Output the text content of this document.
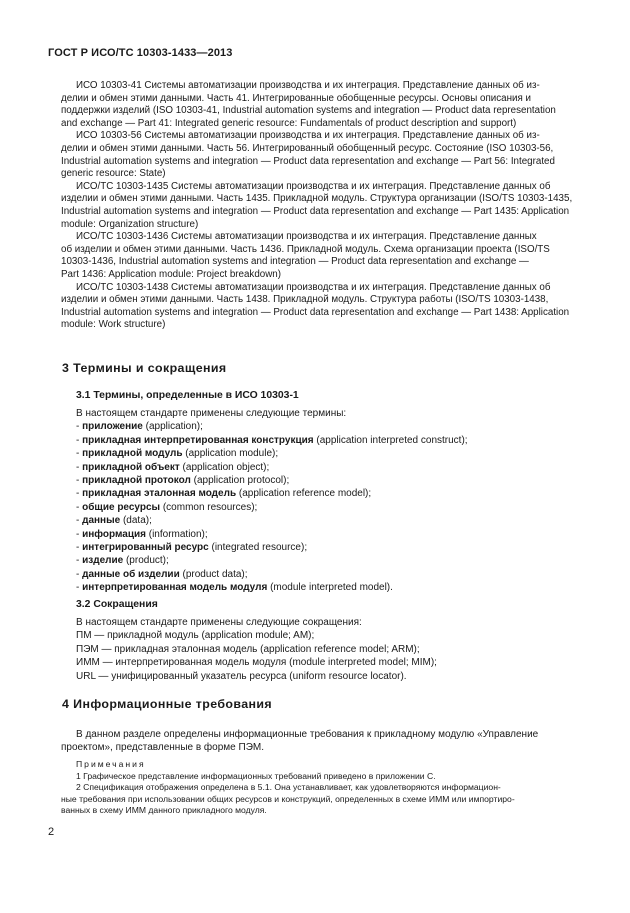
ГОСТ Р ИСО/ТС 10303-1433—2013
ИСО 10303-41 Системы автоматизации производства и их интеграция. Представление данных об из-
делии и обмен этими данными. Часть 41. Интегрированные обобщенные ресурсы. Основы описания и
поддержки изделий (ISO 10303-41, Industrial automation systems and integration — Product data representation
and exchange — Part 41: Integrated generic resource: Fundamentals of product description and support)
ИСО 10303-56 Системы автоматизации производства и их интеграция. Представление данных об из-
делии и обмен этими данными. Часть 56. Интегрированный обобщенный ресурс. Состояние (ISO 10303-56,
Industrial automation systems and integration — Product data representation and exchange — Part 56: Integrated
generic resource: State)
ИСО/ТС 10303-1435 Системы автоматизации производства и их интеграция. Представление данных об
изделии и обмен этими данными. Часть 1435. Прикладной модуль. Структура организации (ISO/TS 10303-1435,
Industrial automation systems and integration — Product data representation and exchange — Part 1435: Application
module: Organization structure)
ИСО/ТС 10303-1436 Системы автоматизации производства и их интеграция. Представление данных
об изделии и обмен этими данными. Часть 1436. Прикладной модуль. Схема организации проекта (ISO/TS
10303-1436, Industrial automation systems and integration — Product data representation and exchange —
Part 1436: Application module: Project breakdown)
ИСО/ТС 10303-1438 Системы автоматизации производства и их интеграция. Представление данных об
изделии и обмен этими данными. Часть 1438. Прикладной модуль. Структура работы (ISO/TS 10303-1438,
Industrial automation systems and integration — Product data representation and exchange — Part 1438: Application
module: Work structure)
3 Термины и сокращения
3.1 Термины, определенные в ИСО 10303-1

В настоящем стандарте применены следующие термины:

- приложение (application);

- прикладная интерпретированная конструкция (application interpreted construct);

- прикладной модуль (application module);

- прикладной объект (application object);

- прикладной протокол (application protocol);

- прикладная эталонная модель (application reference model);

- общие ресурсы (common resources);

- данные (data);

- информация (information);

- интегрированный ресурс (integrated resource);

- изделие (product);

- данные об изделии (product data);

- интерпретированная модель модуля (module interpreted model).

3.2 Сокращения

В настоящем стандарте применены следующие сокращения:

ПМ — прикладной модуль (application module; AM);

ПЭМ — прикладная эталонная модель (application reference model; ARM);

ИММ — интерпретированная модель модуля (module interpreted model; MIM);

URL — унифицированный указатель ресурса (uniform resource locator).

4 Информационные требования
В данном разделе определены информационные требования к прикладному модулю «Управление
проектом», представленные в форме ПЭМ.
Примечания
1 Графическое представление информационных требований приведено в приложении С.
2 Спецификация отображения определена в 5.1. Она устанавливает, как удовлетворяются информацион-
ные требования при использовании общих ресурсов и конструкций, определенных в схеме ИММ или импортиро-
ванных в схему ИММ данного прикладного модуля.
2
